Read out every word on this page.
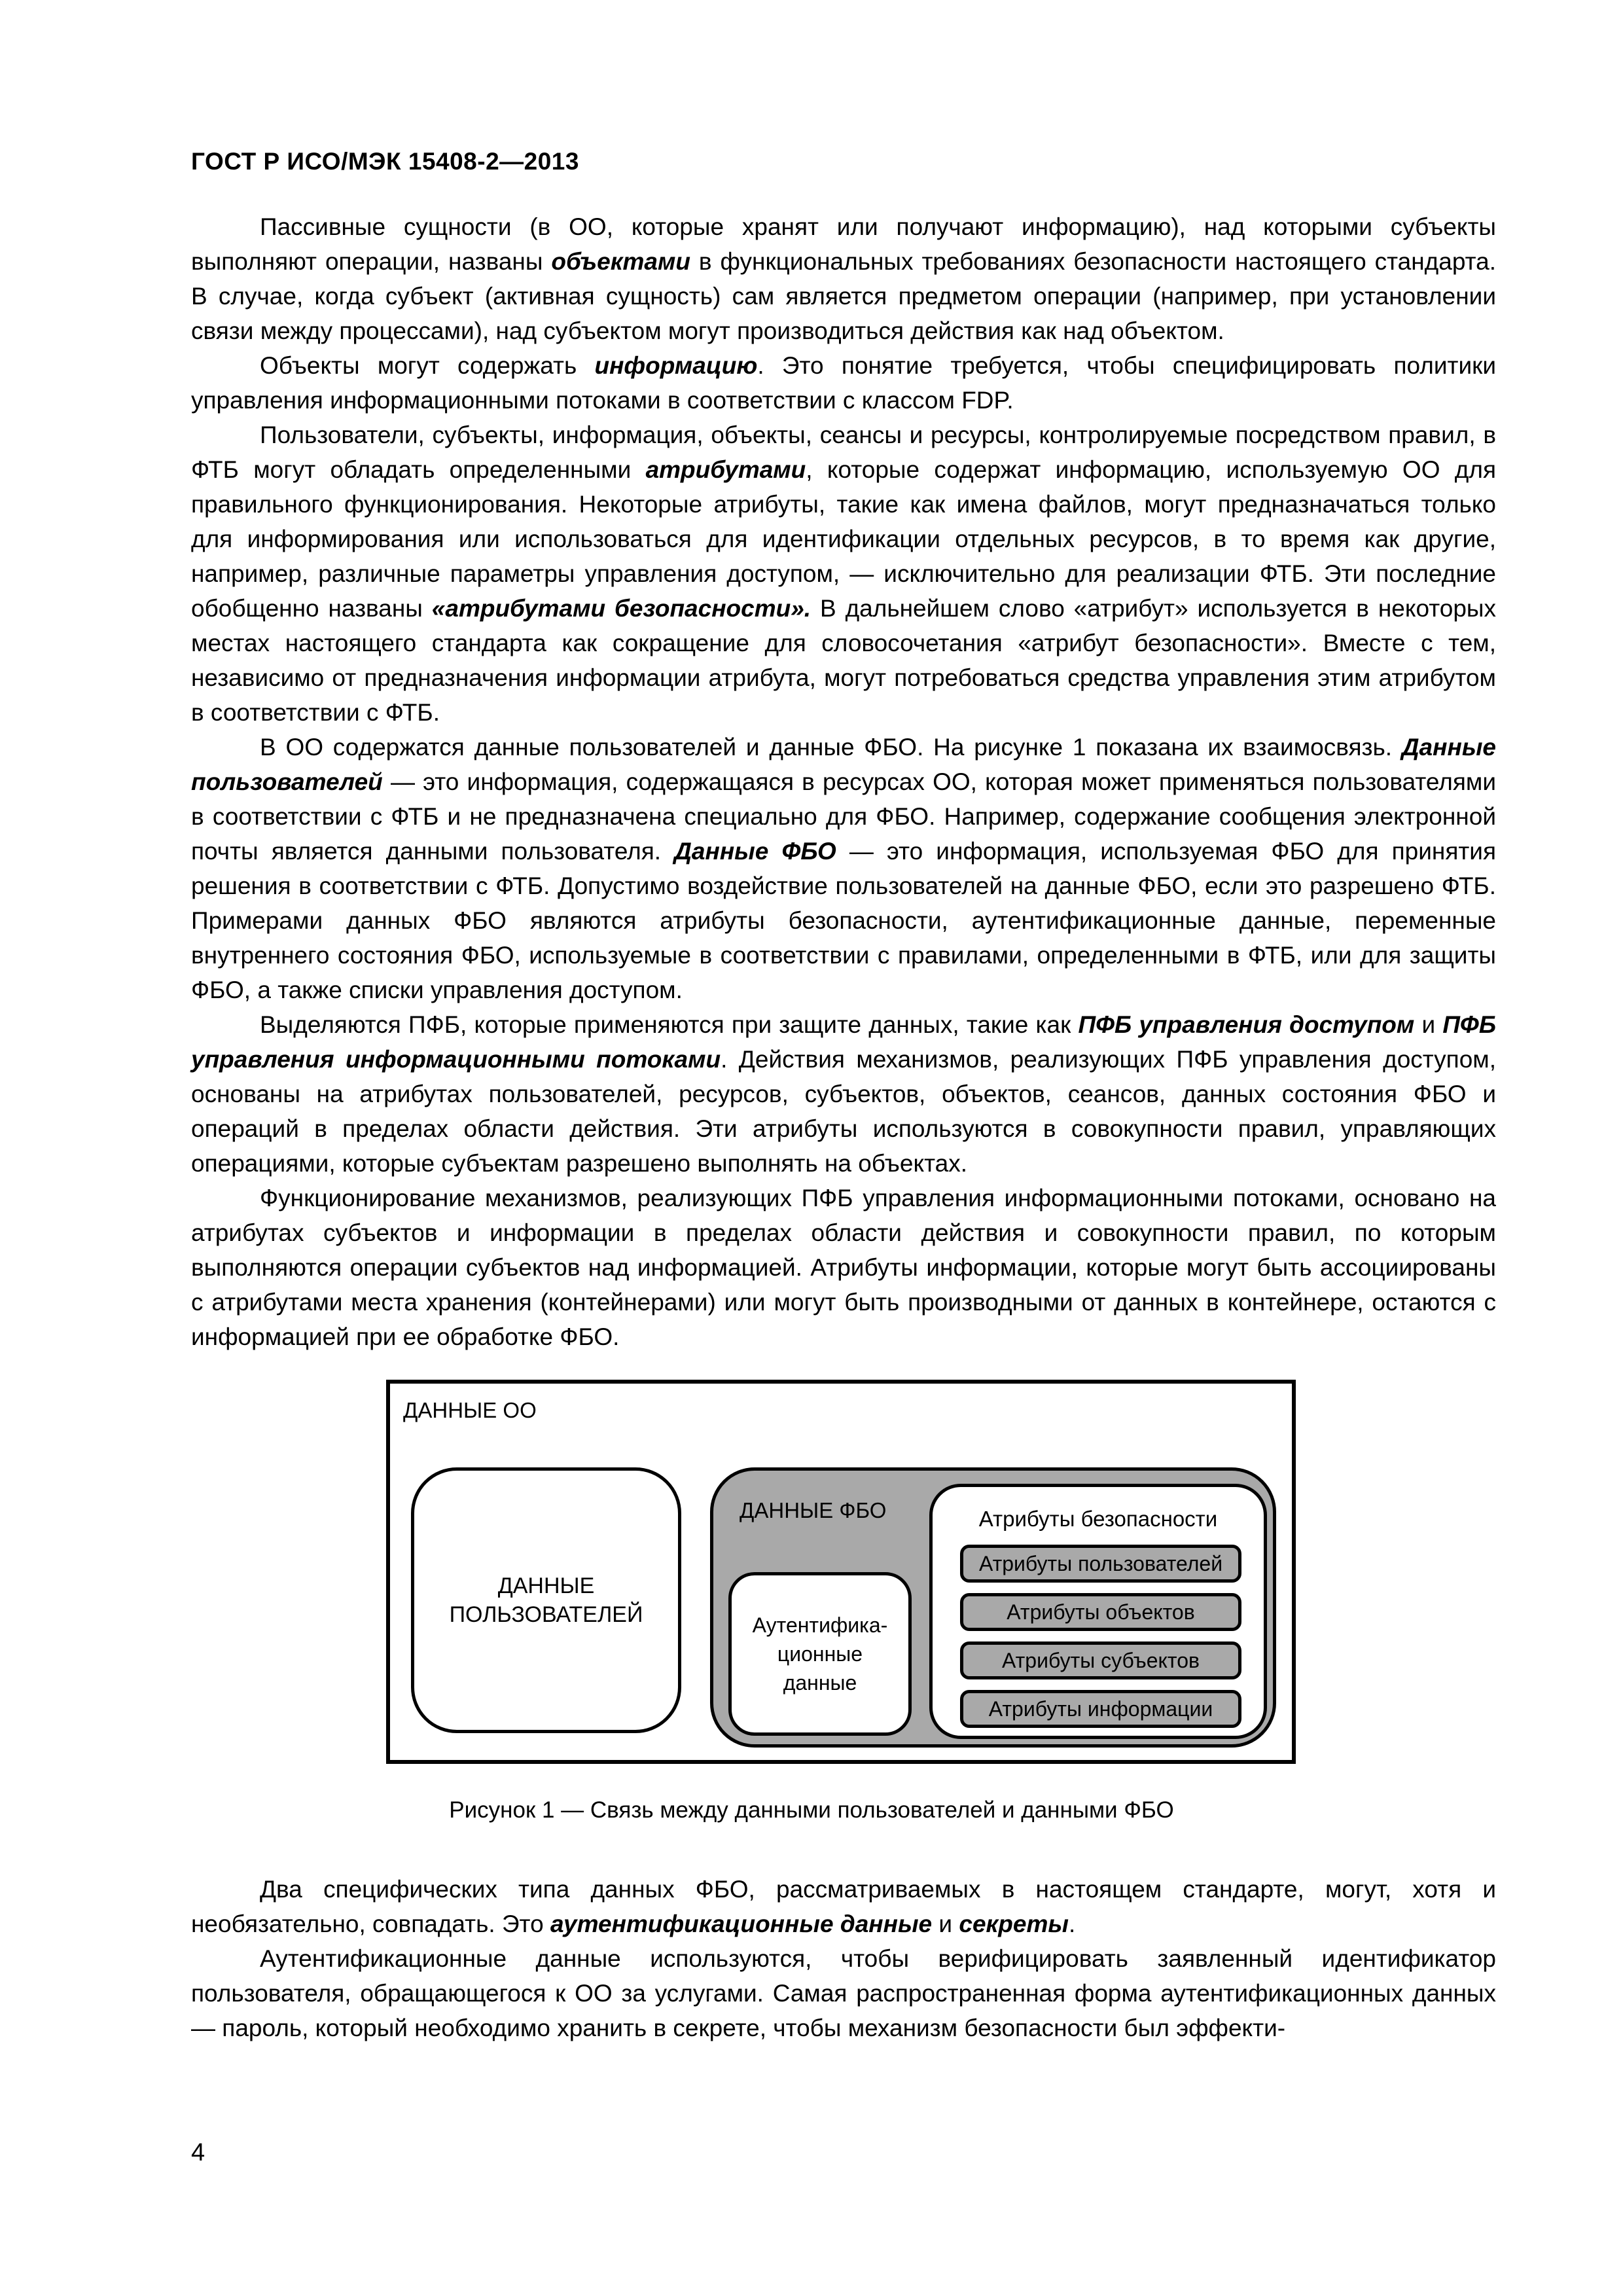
ГОСТ Р ИСО/МЭК 15408-2—2013

Пассивные сущности (в ОО, которые хранят или получают информацию), над которыми субъекты выполняют операции, названы объектами в функциональных требованиях безопасности настоящего стандарта. В случае, когда субъект (активная сущность) сам является предметом операции (например, при установлении связи между процессами), над субъектом могут производиться действия как над объектом.

Объекты могут содержать информацию. Это понятие требуется, чтобы специфицировать политики управления информационными потоками в соответствии с классом FDP.

Пользователи, субъекты, информация, объекты, сеансы и ресурсы, контролируемые посредством правил, в ФТБ могут обладать определенными атрибутами, которые содержат информацию, используемую ОО для правильного функционирования. Некоторые атрибуты, такие как имена файлов, могут предназначаться только для информирования или использоваться для идентификации отдельных ресурсов, в то время как другие, например, различные параметры управления доступом, — исключительно для реализации ФТБ. Эти последние обобщенно названы «атрибутами безопасности». В дальнейшем слово «атрибут» используется в некоторых местах настоящего стандарта как сокращение для словосочетания «атрибут безопасности». Вместе с тем, независимо от предназначения информации атрибута, могут потребоваться средства управления этим атрибутом в соответствии с ФТБ.

В ОО содержатся данные пользователей и данные ФБО. На рисунке 1 показана их взаимосвязь. Данные пользователей — это информация, содержащаяся в ресурсах ОО, которая может применяться пользователями в соответствии с ФТБ и не предназначена специально для ФБО. Например, содержание сообщения электронной почты является данными пользователя. Данные ФБО — это информация, используемая ФБО для принятия решения в соответствии с ФТБ. Допустимо воздействие пользователей на данные ФБО, если это разрешено ФТБ. Примерами данных ФБО являются атрибуты безопасности, аутентификационные данные, переменные внутреннего состояния ФБО, используемые в соответствии с правилами, определенными в ФТБ, или для защиты ФБО, а также списки управления доступом.

Выделяются ПФБ, которые применяются при защите данных, такие как ПФБ управления доступом и ПФБ управления информационными потоками. Действия механизмов, реализующих ПФБ управления доступом, основаны на атрибутах пользователей, ресурсов, субъектов, объектов, сеансов, данных состояния ФБО и операций в пределах области действия. Эти атрибуты используются в совокупности правил, управляющих операциями, которые субъектам разрешено выполнять на объектах.

Функционирование механизмов, реализующих ПФБ управления информационными потоками, основано на атрибутах субъектов и информации в пределах области действия и совокупности правил, по которым выполняются операции субъектов над информацией. Атрибуты информации, которые могут быть ассоциированы с атрибутами места хранения (контейнерами) или могут быть производными от данных в контейнере, остаются с информацией при ее обработке ФБО.

ДАННЫЕ ОО
ДАННЫЕ
ПОЛЬЗОВАТЕЛЕЙ
ДАННЫЕ ФБО
Аутентифика-
ционные
данные
Атрибуты безопасности
Атрибуты пользователей
Атрибуты объектов
Атрибуты субъектов
Атрибуты информации
Рисунок 1 — Связь между данными пользователей и данными ФБО

Два специфических типа данных ФБО, рассматриваемых в настоящем стандарте, могут, хотя и необязательно, совпадать. Это аутентификационные данные и секреты.

Аутентификационные данные используются, чтобы верифицировать заявленный идентификатор пользователя, обращающегося к ОО за услугами. Самая распространенная форма аутентификационных данных — пароль, который необходимо хранить в секрете, чтобы механизм безопасности был эффекти-

4
